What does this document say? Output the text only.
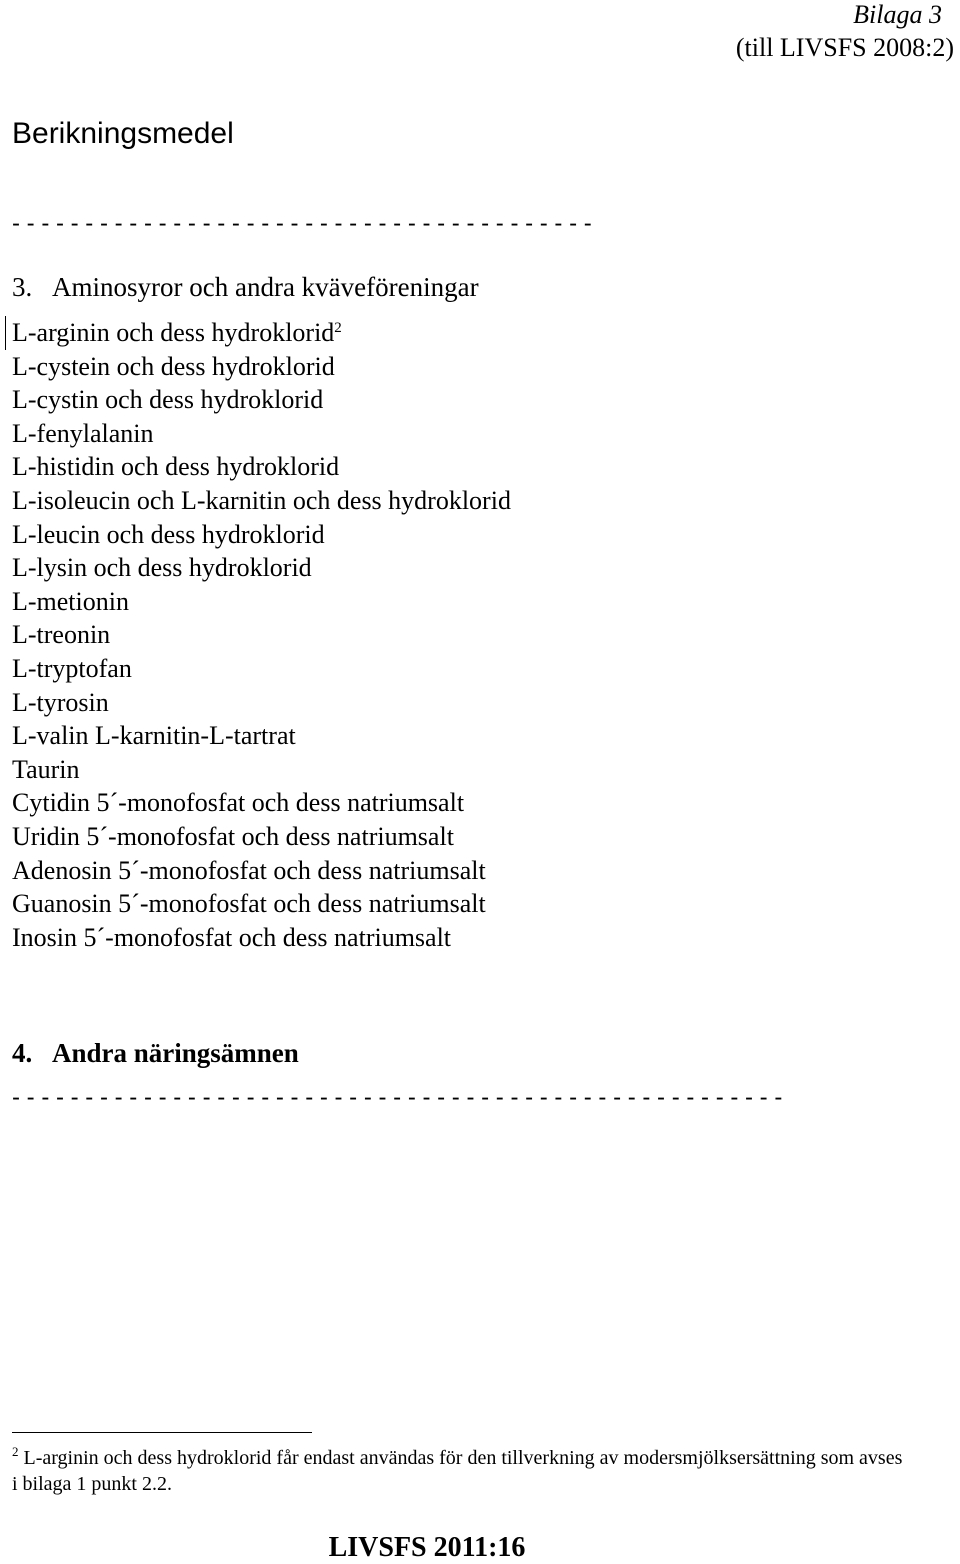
Bilaga 3
(till LIVSFS 2008:2)
Berikningsmedel
- - - - - - - - - - - - - - - - - - - - - - - - - - - - - - - - - - - - - - - -
3. Aminosyror och andra kväveföreningar
L-arginin och dess hydroklorid$^2$
L-cystein och dess hydroklorid
L-cystin och dess hydroklorid
L-fenylalanin
L-histidin och dess hydroklorid
L-isoleucin och L-karnitin och dess hydroklorid
L-leucin och dess hydroklorid
L-lysin och dess hydroklorid
L-metionin
L-treonin
L-tryptofan
L-tyrosin
L-valin L-karnitin-L-tartrat
Taurin
Cytidin 5´-monofosfat och dess natriumsalt
Uridin 5´-monofosfat och dess natriumsalt
Adenosin 5´-monofosfat och dess natriumsalt
Guanosin 5´-monofosfat och dess natriumsalt
Inosin 5´-monofosfat och dess natriumsalt
4. Andra näringsämnen
- - - - - - - - - - - - - - - - - - - - - - - - - - - - - - - - - - - - - - - - - - - - - - - - - - - - -
$^2$ L-arginin och dess hydroklorid får endast användas för den tillverkning av modersmjölksersättning som avses i bilaga 1 punkt 2.2.
LIVSFS 2011:16
